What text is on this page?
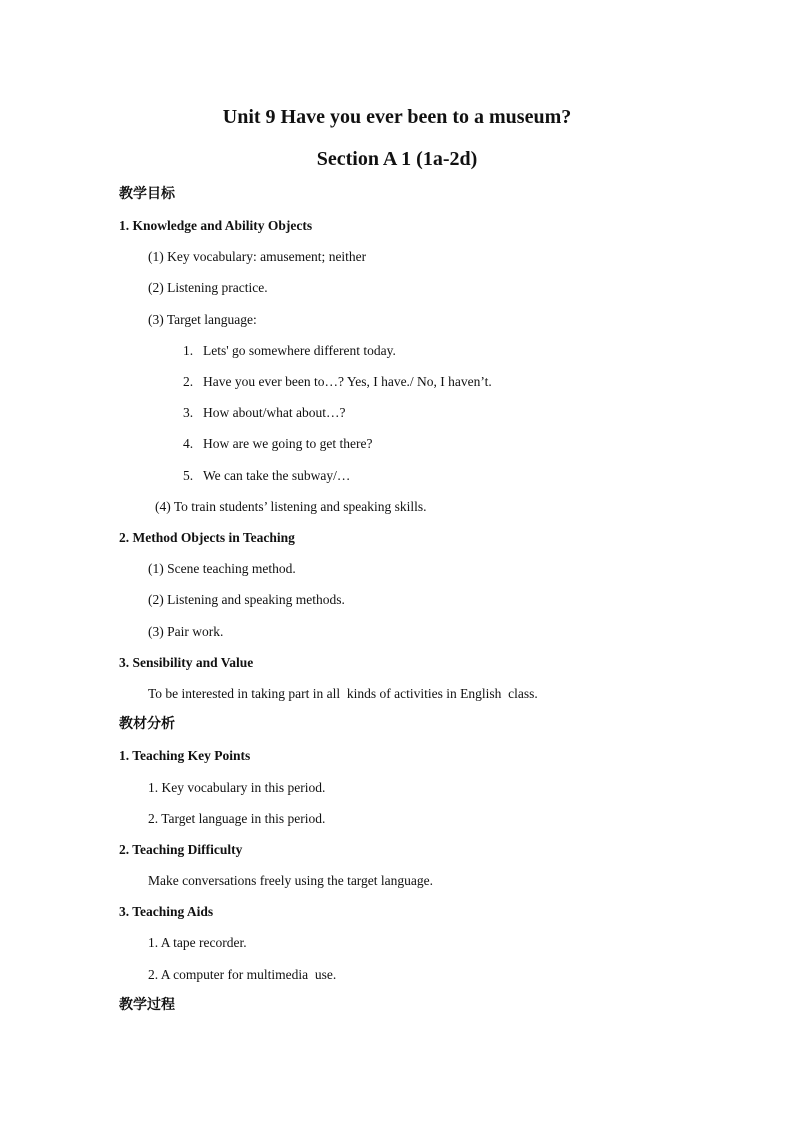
Unit 9 Have you ever been to a museum?
Section A 1 (1a-2d)
教学目标
1. Knowledge and Ability Objects
(1) Key vocabulary: amusement; neither
(2) Listening practice.
(3) Target language:
1. Lets' go somewhere different today.
2. Have you ever been to…? Yes, I have./ No, I haven’t.
3. How about/what about…?
4. How are we going to get there?
5. We can take the subway/…
(4) To train students’ listening and speaking skills.
2. Method Objects in Teaching
(1) Scene teaching method.
(2) Listening and speaking methods.
(3) Pair work.
3. Sensibility and Value
To be interested in taking part in all  kinds of activities in English  class.
教材分析
1. Teaching Key Points
1. Key vocabulary in this period.
2. Target language in this period.
2. Teaching Difficulty
Make conversations freely using the target language.
3. Teaching Aids
1. A tape recorder.
2. A computer for multimedia  use.
教学过程
